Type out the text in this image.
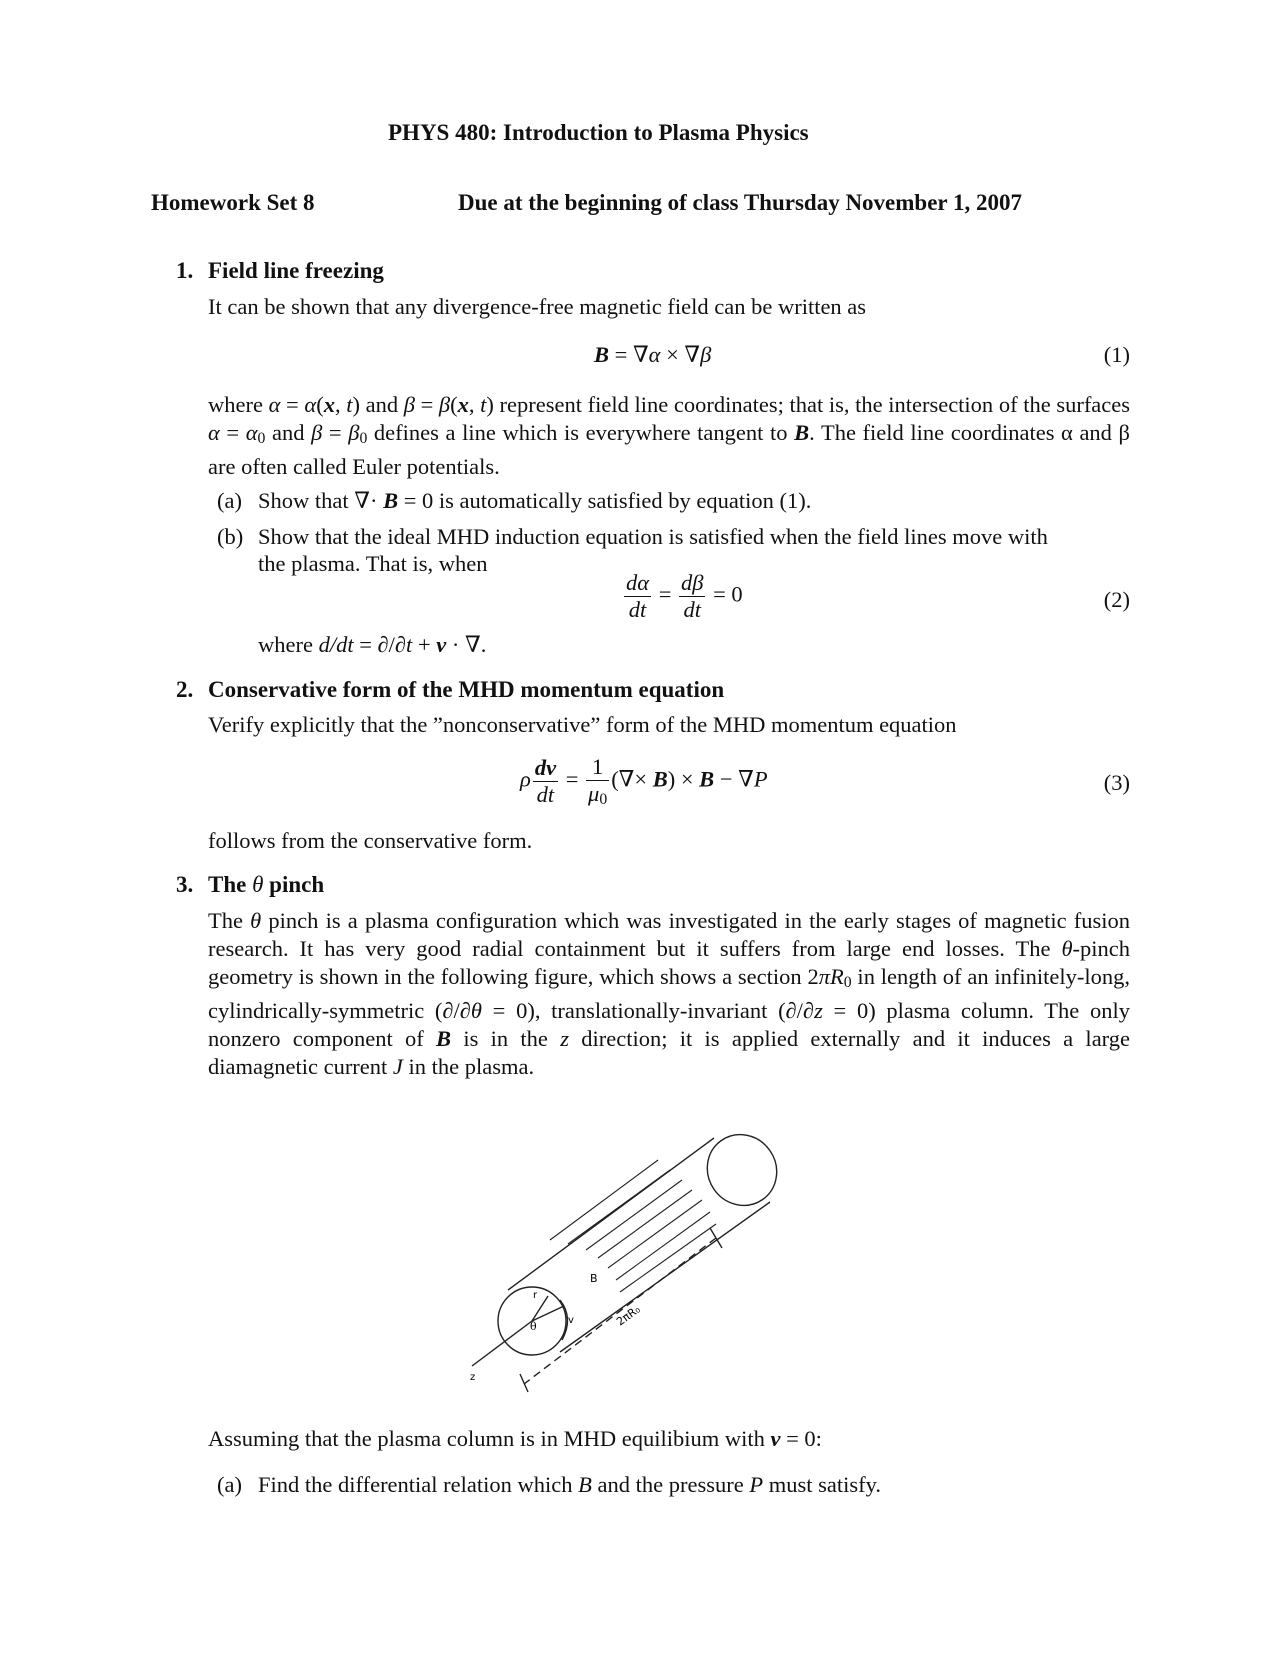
PHYS 480: Introduction to Plasma Physics
Homework Set 8	Due at the beginning of class Thursday November 1, 2007
1. Field line freezing
It can be shown that any divergence-free magnetic field can be written as
B = ∇α × ∇β	(1)
where α = α(x, t) and β = β(x, t) represent field line coordinates; that is, the intersection of the surfaces $\alpha = \alpha_0$ and $\beta = \beta_0$ defines a line which is everywhere tangent to B. The field line coordinates α and β are often called Euler potentials.
(a) Show that ∇· B = 0 is automatically satisfied by equation (1).
(b) Show that the ideal MHD induction equation is satisfied when the field lines move with
the plasma. That is, when
$\frac{d\alpha}{dt} = \frac{d\beta}{dt} = 0$	(2)
where d/dt = ∂/∂t + v · ∇.
2. Conservative form of the MHD momentum equation
Verify explicitly that the ”nonconservative” form of the MHD momentum equation
ρ $\frac{dv}{dt} = \frac{1}{\mu_0}$ (∇× B) × B − ∇P	(3)
follows from the conservative form.
3. The θ pinch
The θ pinch is a plasma configuration which was investigated in the early stages of magnetic fusion research. It has very good radial containment but it suffers from large end losses. The θ-pinch geometry is shown in the following figure, which shows a section $2\pi R_0$ in length of an infinitely-long, cylindrically-symmetric (∂/∂θ = 0), translationally-invariant (∂/∂z = 0) plasma column. The only nonzero component of B is in the z direction; it is applied externally and it induces a large diamagnetic current J in the plasma.
B
r
θ	v
z
2πR₀
Assuming that the plasma column is in MHD equilibium with v = 0:
(a) Find the differential relation which B and the pressure P must satisfy.
